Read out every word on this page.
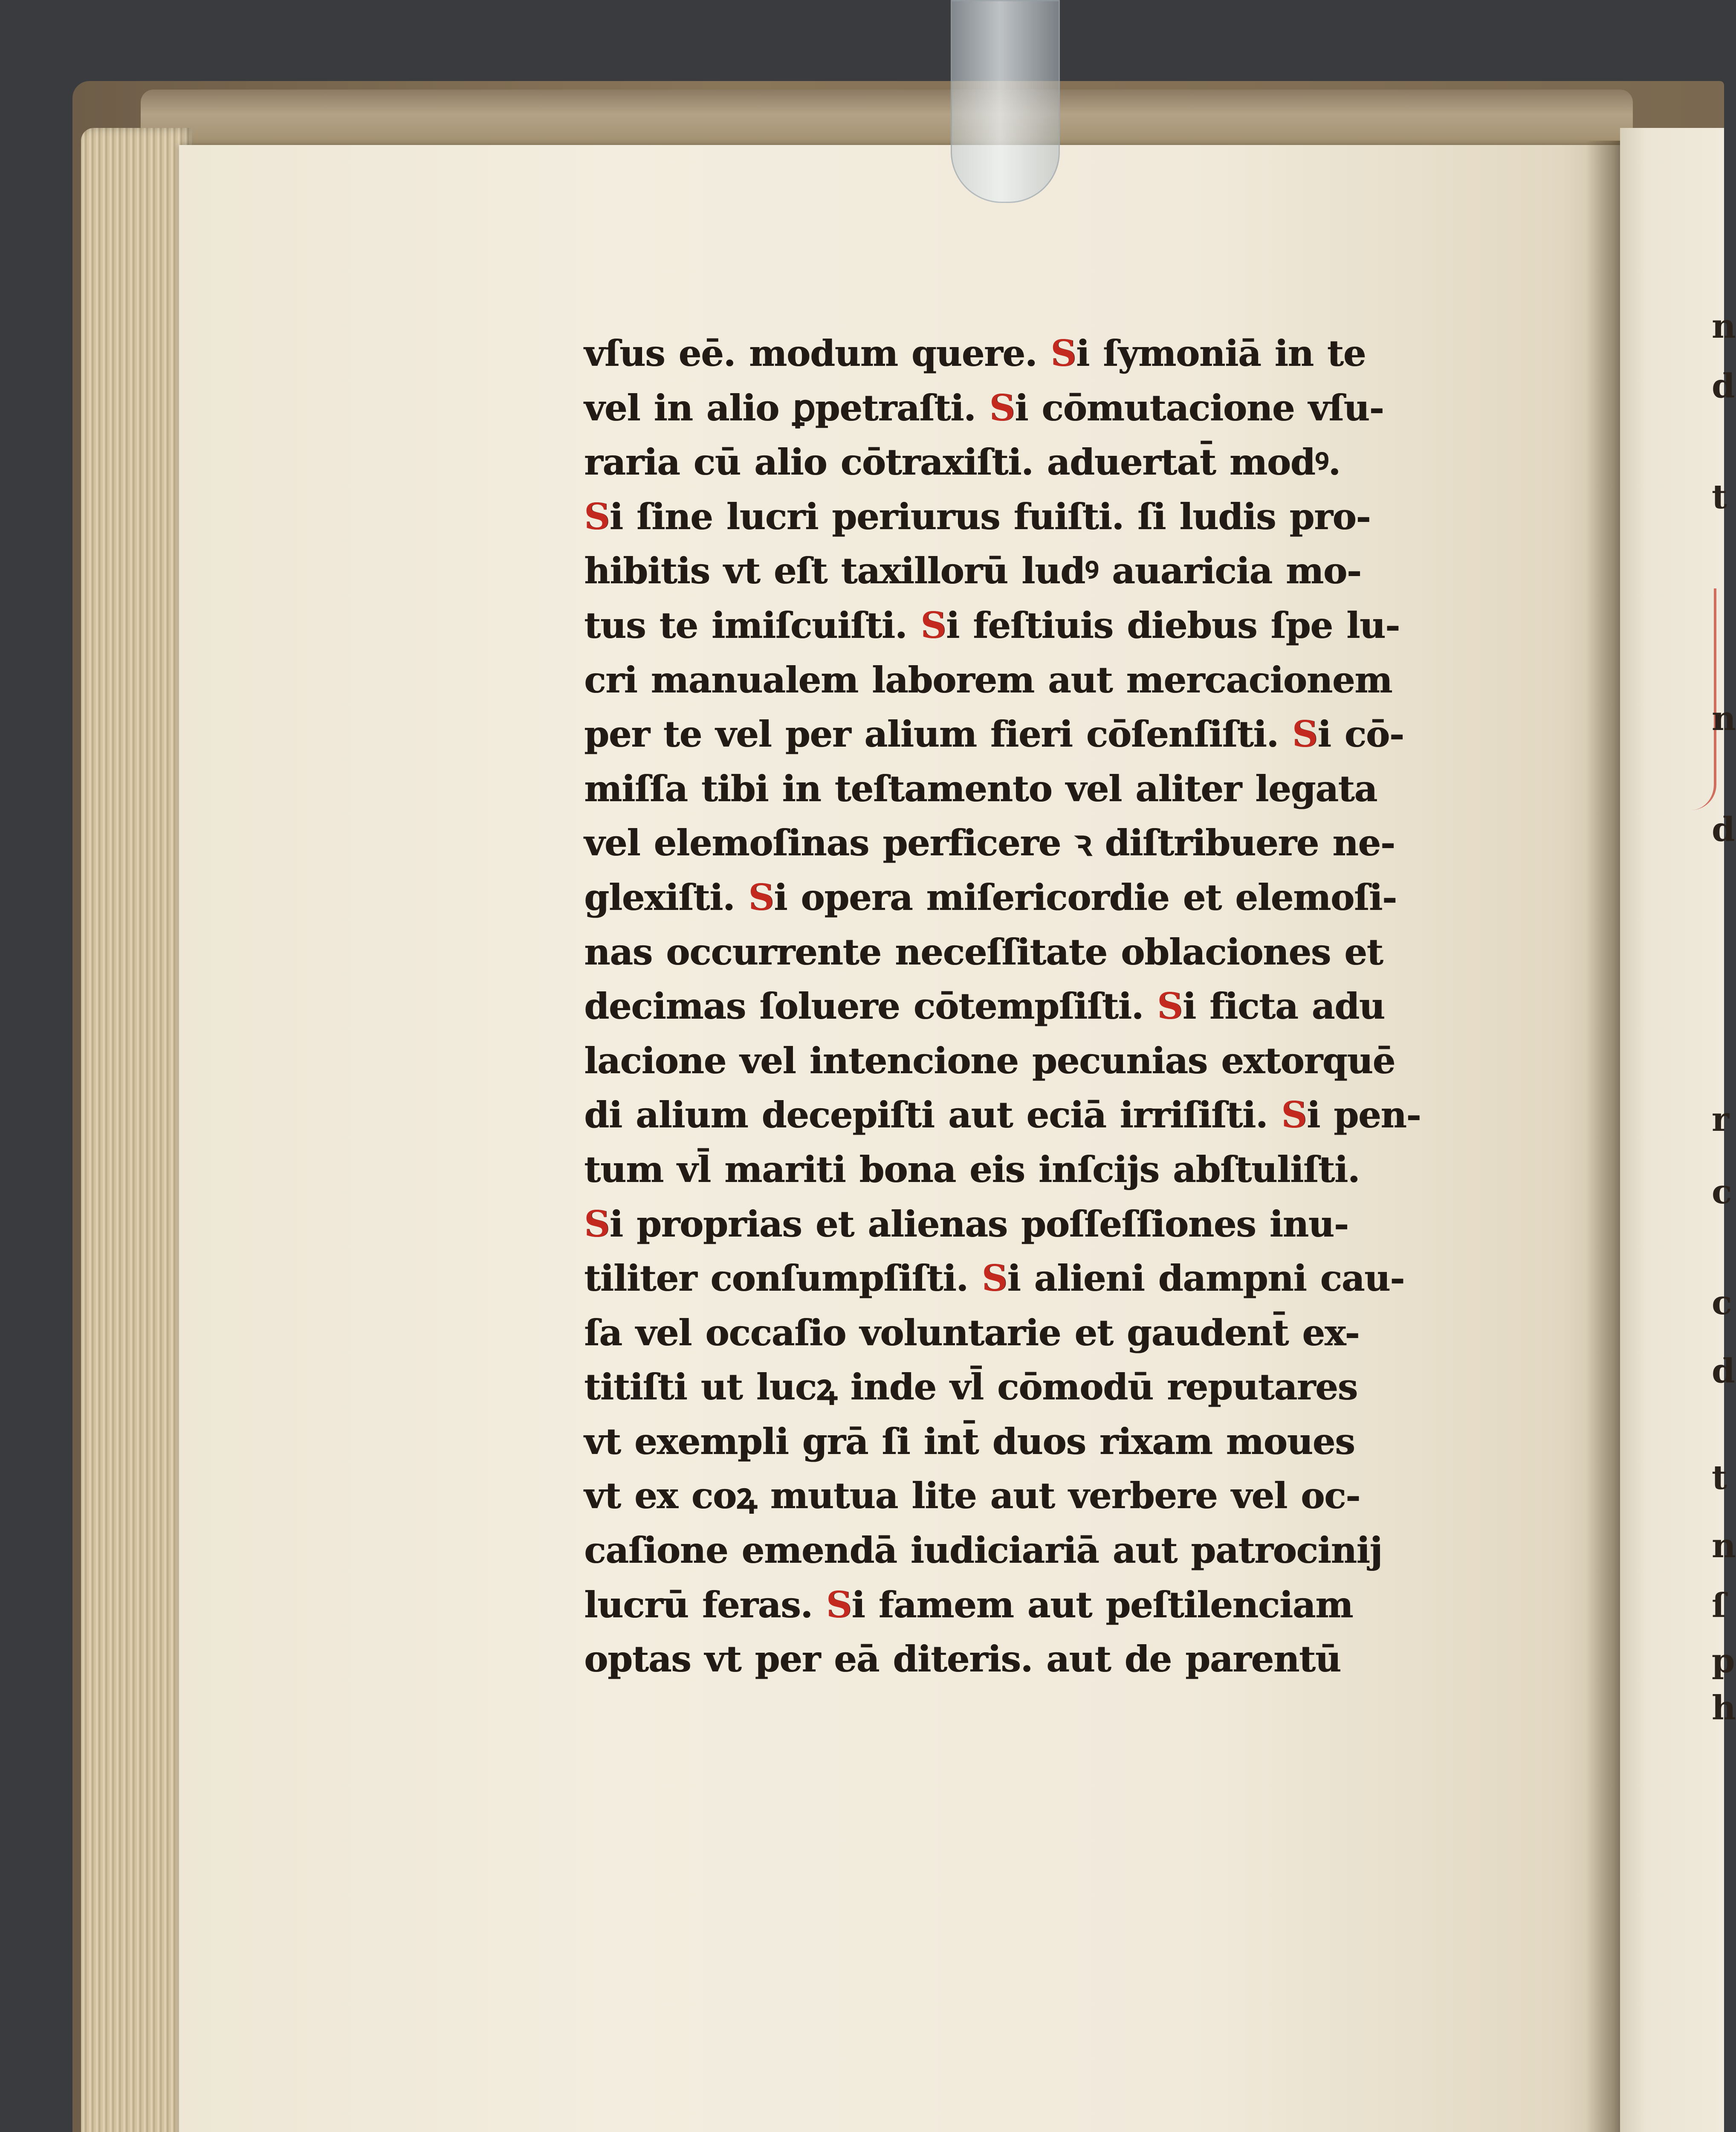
n
d
t
n
d
r
c
c
d
t
n
ſ
p
h
vſus eē. modum quere. Si ſymoniā in te
vel in alio ꝑpetraſti. Si cōmutacione vſu-
raria cū alio cōtraxiſti. aduertat̄ modꝰ.
Si ſine lucri periurus fuiſti. ſi ludis pro-
hibitis vt eſt taxillorū ludꝰ auaricia mo-
tus te imiſcuiſti. Si feſtiuis diebus ſpe lu-
cri manualem laborem aut mercacionem
per te vel per alium fieri cōſenſiſti. Si cō-
miſſa tibi in teſtamento vel aliter legata
vel elemoſinas perficere ꝛ diſtribuere ne-
glexiſti. Si opera miſericordie et elemoſi-
nas occurrente neceſſitate oblaciones et
decimas ſoluere cōtempſiſti. Si ficta adu
lacione vel intencione pecunias extorquē
di alium decepiſti aut eciā irriſiſti. Si pen-
tum vl̄ mariti bona eis inſcijs abſtuliſti.
Si proprias et alienas poſſeſſiones inu-
tiliter conſumpſiſti. Si alieni dampni cau-
ſa vel occaſio voluntarie et gaudent̄ ex-
titiſti ut lucꝝ inde vl̄ cōmodū reputares
vt exempli grā ſi int̄ duos rixam moues
vt ex coꝝ mutua lite aut verbere vel oc-
caſione emendā iudiciariā aut patrocinij
lucrū feras. Si famem aut peſtilenciam
optas vt per eā diteris. aut de parentū
